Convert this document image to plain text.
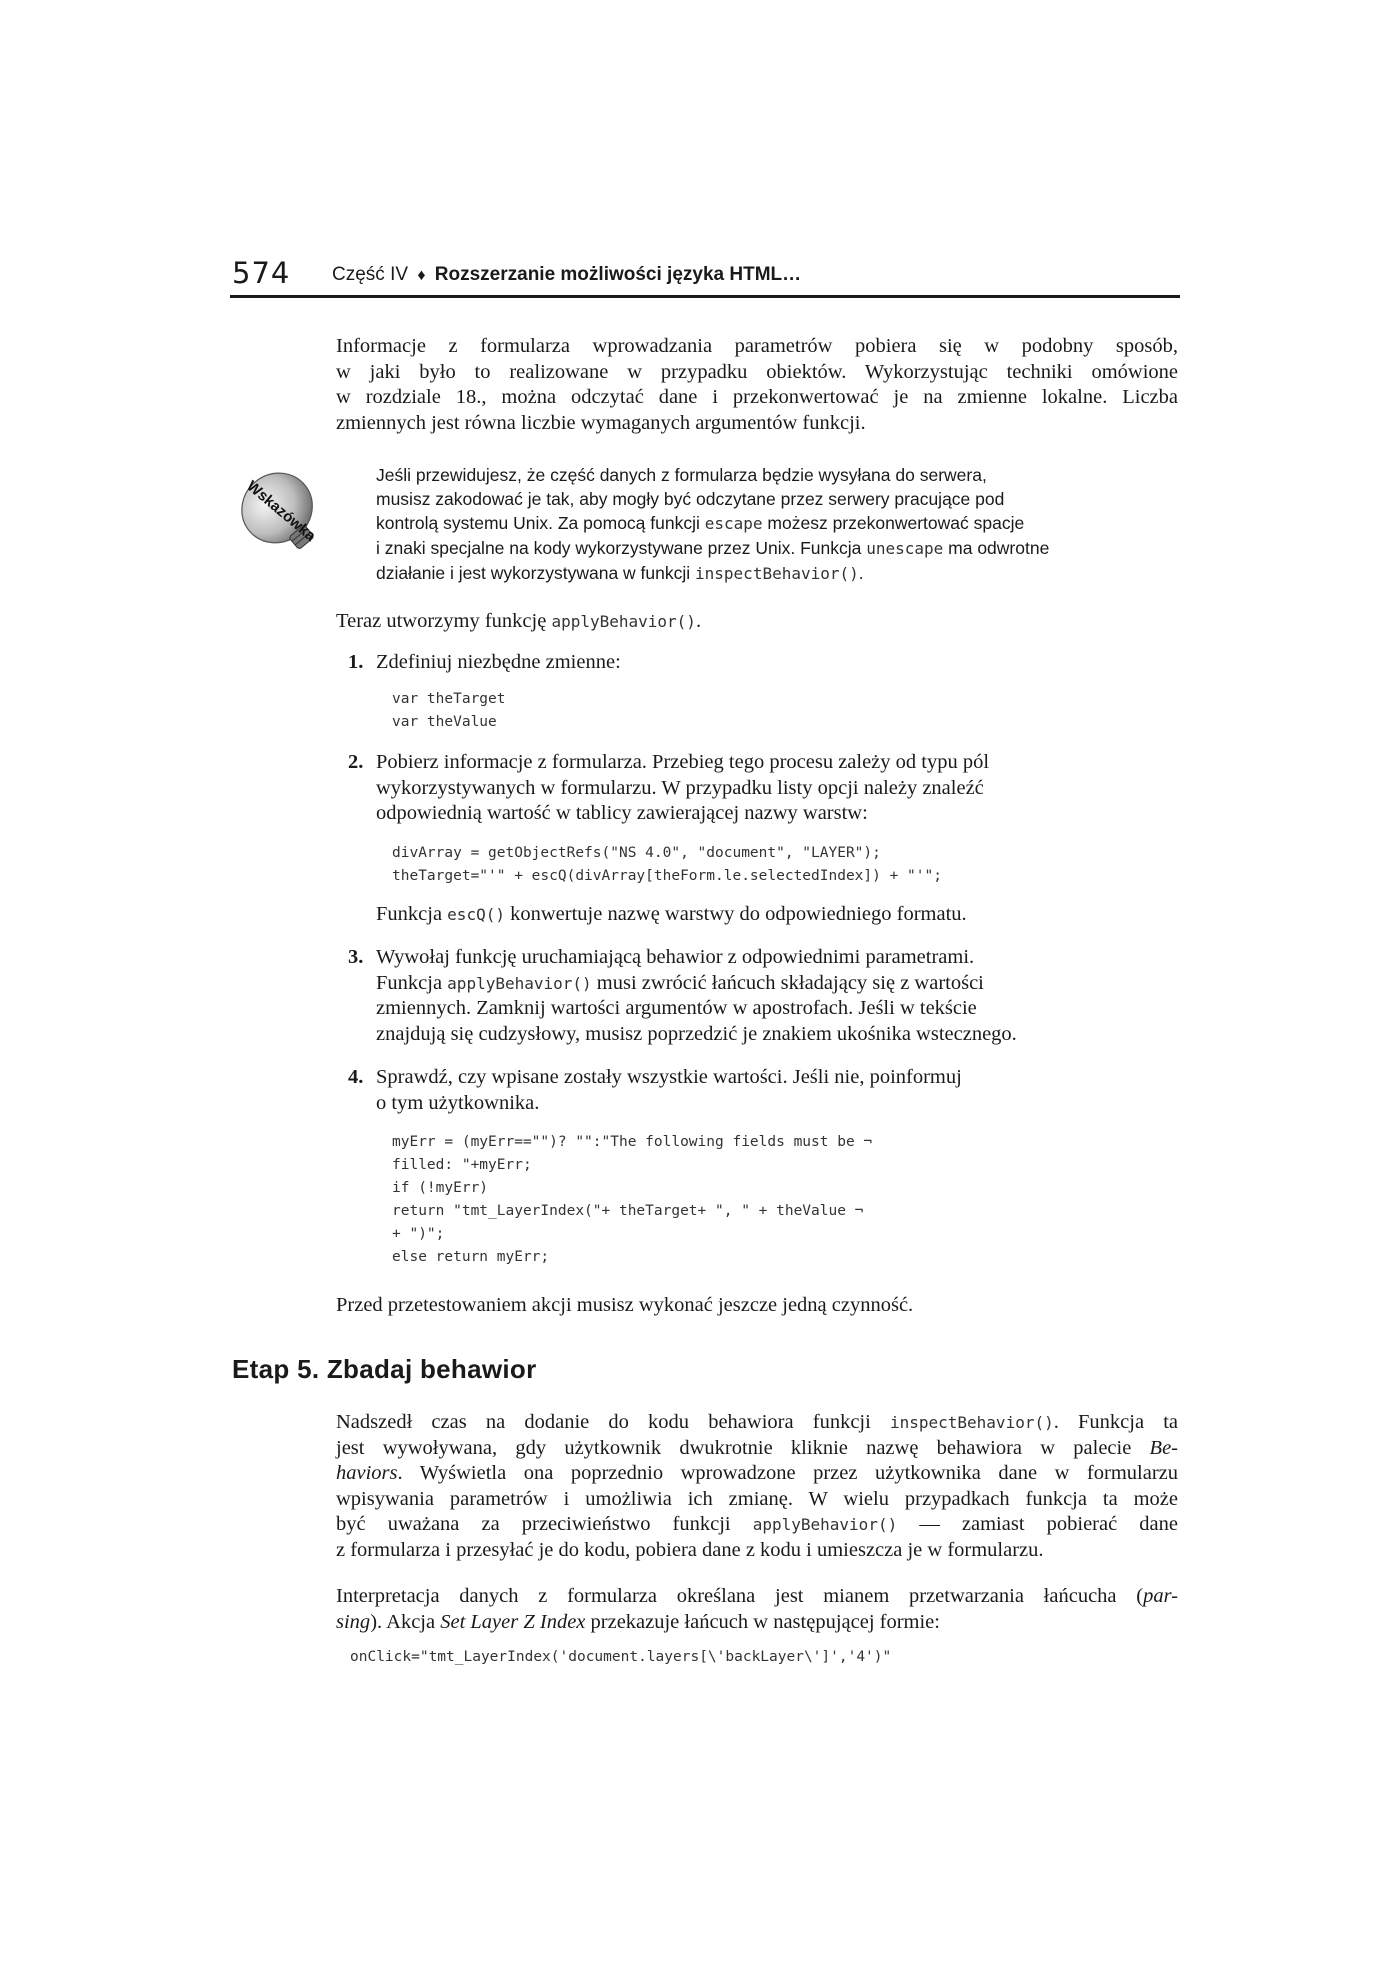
574 Część IV ♦ Rozszerzanie możliwości języka HTML…

Informacje z formularza wprowadzania parametrów pobiera się w podobny sposób,

w jaki było to realizowane w przypadku obiektów. Wykorzystując techniki omówione

w rozdziale 18., można odczytać dane i przekonwertować je na zmienne lokalne. Liczba

zmiennych jest równa liczbie wymaganych argumentów funkcji.

Wskazówka

Jeśli przewidujesz, że część danych z formularza będzie wysyłana do serwera,

musisz zakodować je tak, aby mogły być odczytane przez serwery pracujące pod

kontrolą systemu Unix. Za pomocą funkcji escape możesz przekonwertować spacje

i znaki specjalne na kody wykorzystywane przez Unix. Funkcja unescape ma odwrotne

działanie i jest wykorzystywana w funkcji inspectBehavior().

Teraz utworzymy funkcję applyBehavior().

1. Zdefiniuj niezbędne zmienne:

var theTarget
var theValue
2. Pobierz informacje z formularza. Przebieg tego procesu zależy od typu pól

wykorzystywanych w formularzu. W przypadku listy opcji należy znaleźć

odpowiednią wartość w tablicy zawierającej nazwy warstw:

divArray = getObjectRefs("NS 4.0", "document", "LAYER");
theTarget="'" + escQ(divArray[theForm.le.selectedIndex]) + "'";

Funkcja escQ() konwertuje nazwę warstwy do odpowiedniego formatu.

3. Wywołaj funkcję uruchamiającą behawior z odpowiednimi parametrami.

Funkcja applyBehavior() musi zwrócić łańcuch składający się z wartości

zmiennych. Zamknij wartości argumentów w apostrofach. Jeśli w tekście

znajdują się cudzysłowy, musisz poprzedzić je znakiem ukośnika wstecznego.

4. Sprawdź, czy wpisane zostały wszystkie wartości. Jeśli nie, poinformuj

o tym użytkownika.

myErr = (myErr=="")? "":"The following fields must be ¬
filled: "+myErr;
if (!myErr)
return "tmt_LayerIndex("+ theTarget+ ", " + theValue ¬
+ ")";
else return myErr;

Przed przetestowaniem akcji musisz wykonać jeszcze jedną czynność.

Etap 5. Zbadaj behawior

Nadszedł czas na dodanie do kodu behawiora funkcji inspectBehavior(). Funkcja ta

jest wywoływana, gdy użytkownik dwukrotnie kliknie nazwę behawiora w palecie Be-

haviors. Wyświetla ona poprzednio wprowadzone przez użytkownika dane w formularzu

wpisywania parametrów i umożliwia ich zmianę. W wielu przypadkach funkcja ta może

być uważana za przeciwieństwo funkcji applyBehavior() — zamiast pobierać dane

z formularza i przesyłać je do kodu, pobiera dane z kodu i umieszcza je w formularzu.

Interpretacja danych z formularza określana jest mianem przetwarzania łańcucha (par-

sing). Akcja Set Layer Z Index przekazuje łańcuch w następującej formie:

onClick="tmt_LayerIndex('document.layers[\'backLayer\']','4')"
